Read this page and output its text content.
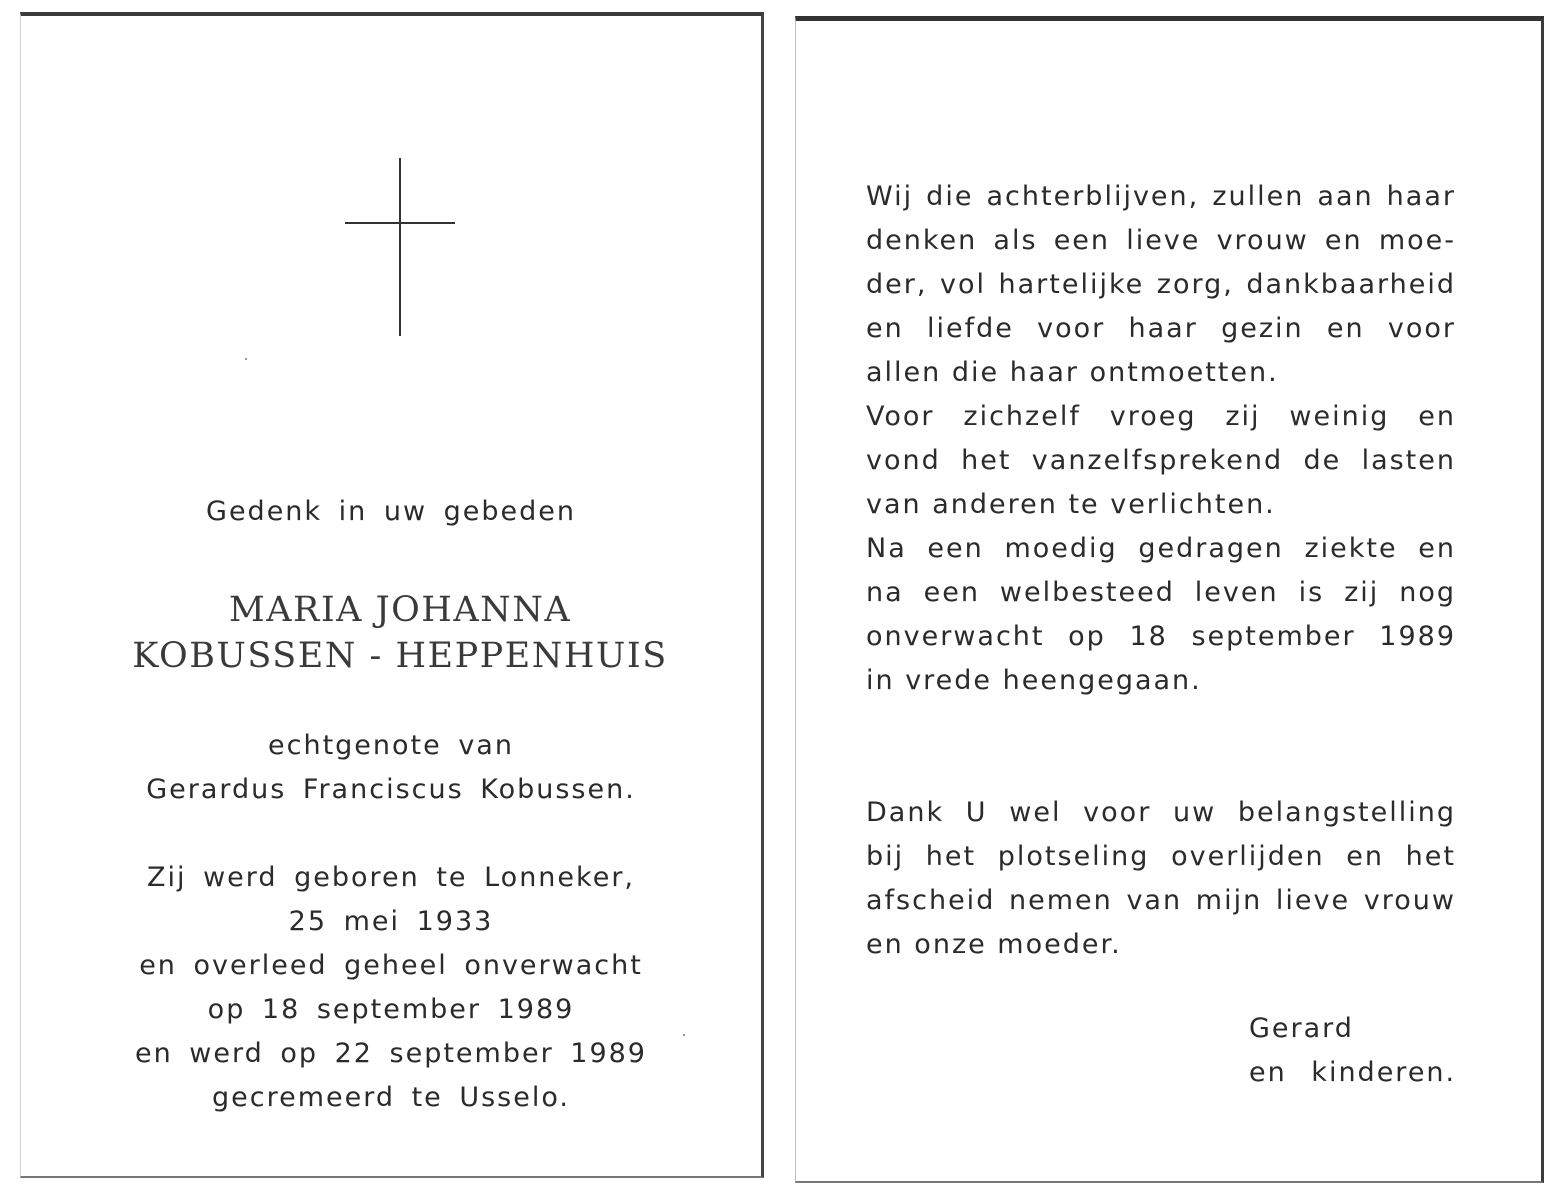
Gedenk in uw gebeden
MARIA JOHANNA
KOBUSSEN - HEPPENHUIS
echtgenote van
Gerardus Franciscus Kobussen.
Zij werd geboren te Lonneker,
25 mei 1933
en overleed geheel onverwacht
op 18 september 1989
en werd op 22 september 1989
gecremeerd te Usselo.
Wij die achterblijven, zullen aan haar
denken als een lieve vrouw en moe-
der, vol hartelijke zorg, dankbaarheid
en liefde voor haar gezin en voor
allen die haar ontmoetten.
Voor zichzelf vroeg zij weinig en
vond het vanzelfsprekend de lasten
van anderen te verlichten.
Na een moedig gedragen ziekte en
na een welbesteed leven is zij nog
onverwacht op 18 september 1989
in vrede heengegaan.
Dank U wel voor uw belangstelling
bij het plotseling overlijden en het
afscheid nemen van mijn lieve vrouw
en onze moeder.
Gerard
en kinderen.
